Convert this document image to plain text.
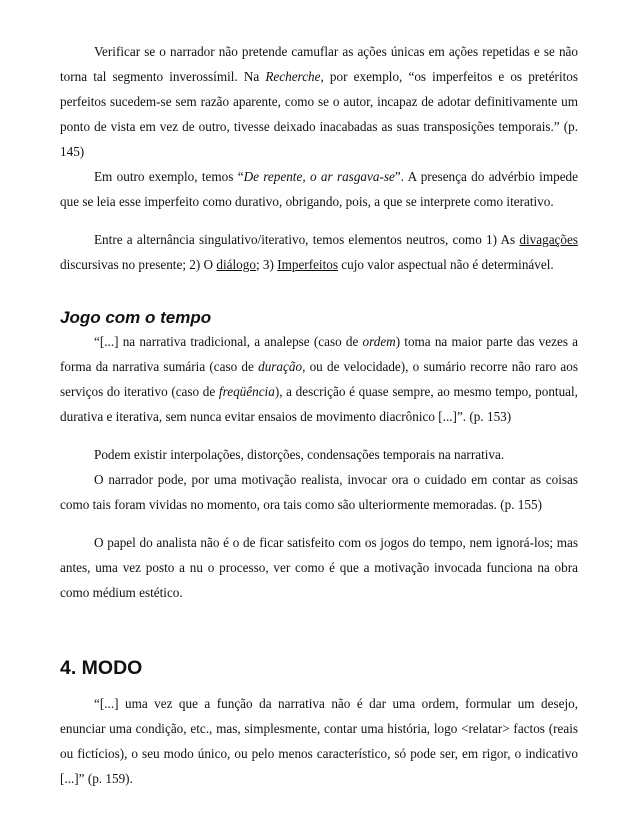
Verificar se o narrador não pretende camuflar as ações únicas em ações repetidas e se não torna tal segmento inverossímil. Na Recherche, por exemplo, “os imperfeitos e os pretéritos perfeitos sucedem-se sem razão aparente, como se o autor, incapaz de adotar definitivamente um ponto de vista em vez de outro, tivesse deixado inacabadas as suas transposições temporais.” (p. 145)

Em outro exemplo, temos “De repente, o ar rasgava-se”. A presença do advérbio impede que se leia esse imperfeito como durativo, obrigando, pois, a que se interprete como iterativo.

Entre a alternância singulativo/iterativo, temos elementos neutros, como 1) As divagações discursivas no presente; 2) O diálogo; 3) Imperfeitos cujo valor aspectual não é determinável.

Jogo com o tempo

“[...] na narrativa tradicional, a analepse (caso de ordem) toma na maior parte das vezes a forma da narrativa sumária (caso de duração, ou de velocidade), o sumário recorre não raro aos serviços do iterativo (caso de freqüência), a descrição é quase sempre, ao mesmo tempo, pontual, durativa e iterativa, sem nunca evitar ensaios de movimento diacrônico [...]”. (p. 153)

Podem existir interpolações, distorções, condensações temporais na narrativa.

O narrador pode, por uma motivação realista, invocar ora o cuidado em contar as coisas como tais foram vividas no momento, ora tais como são ulteriormente memoradas. (p. 155)

O papel do analista não é o de ficar satisfeito com os jogos do tempo, nem ignorá-los; mas antes, uma vez posto a nu o processo, ver como é que a motivação invocada funciona na obra como médium estético.

4. MODO

“[...] uma vez que a função da narrativa não é dar uma ordem, formular um desejo, enunciar uma condição, etc., mas, simplesmente, contar uma história, logo <relatar> factos (reais ou fictícios), o seu modo único, ou pelo menos característico, só pode ser, em rigor, o indicativo [...]” (p. 159).
